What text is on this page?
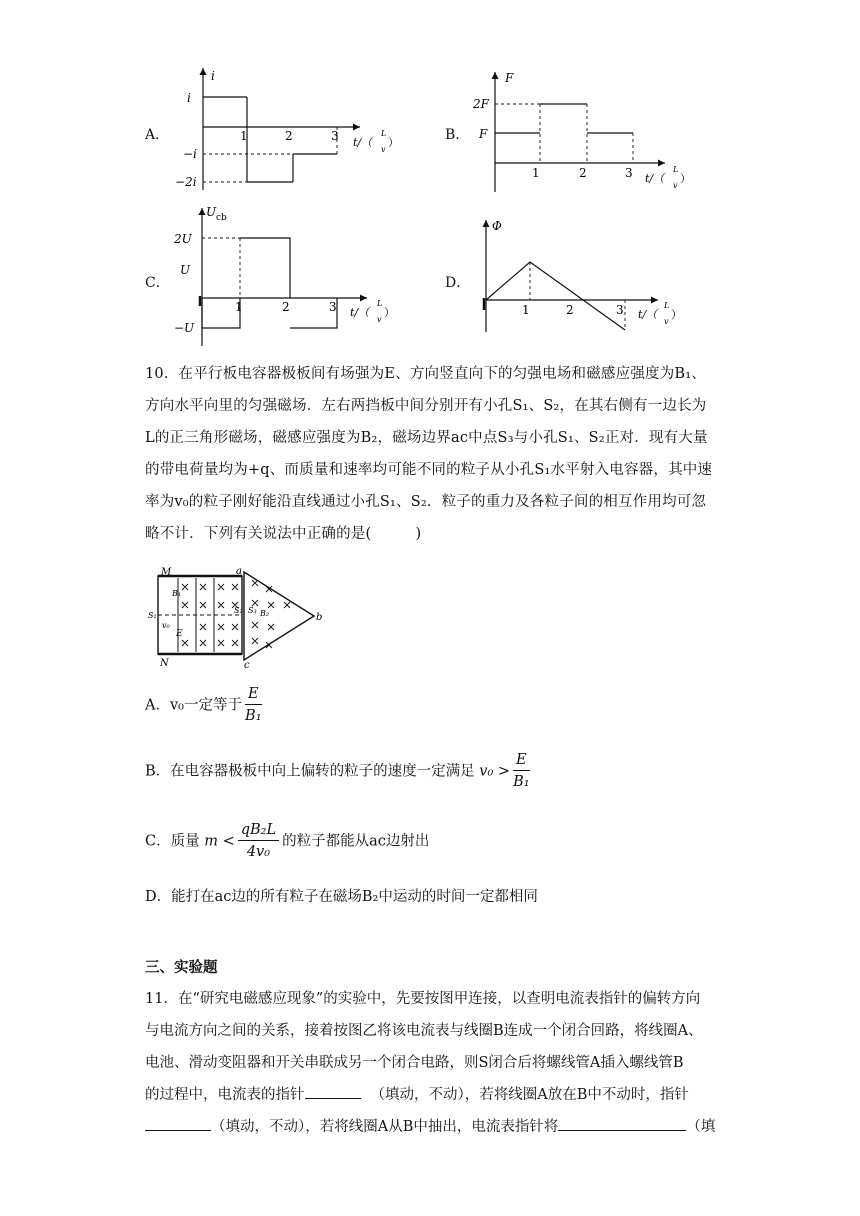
A．
i
i
−i
−2i
1	2	3 t/（
L
v
）	B．
F
2F
F
1	2	3 t/（
L
v
）
C．
U cb
2U
U
−U
1	2	3 t/（
L
v
）
D．
Φ
1	2	3 t/（
L
v
）
10．在平行板电容器极板间有场强为E、方向竖直向下的匀强电场和磁感应强度为B₁、方向水平向里的匀强磁场．左右两挡板中间分别开有小孔S₁、S₂，在其右侧有一边长为L的正三角形磁场，磁感应强度为B₂，磁场边界ac中点S₃与小孔S₁、S₂正对．现有大量的带电荷量均为+q、而质量和速率均可能不同的粒子从小孔S₁水平射入电容器，其中速率为v₀的粒子刚好能沿直线通过小孔S₁、S₂．粒子的重力及各粒子间的相互作用均可忽略不计．下列有关说法中正确的是(　　　)
M
N
a
b
c
S₁
S₂ S₃
B₁
B₂
E
v₀
A．v₀一定等于 $\frac{E}{\text{B₁}}$
B．在电容器极板中向上偏转的粒子的速度一定满足 $v_0 > \frac{E}{\text{B₁}}$
C．质量 $m < \frac{\text{qB₂L}}{\text{4v₀}}$ 的粒子都能从ac边射出
D．能打在ac边的所有粒子在磁场B₂中运动的时间一定都相同
三、实验题
11．在“研究电磁感应现象”的实验中，先要按图甲连接，以查明电流表指针的偏转方向
与电流方向之间的关系，接着按图乙将该电流表与线圈B连成一个闭合回路，将线圈A、
电池、滑动变阻器和开关串联成另一个闭合电路，则S闭合后将螺线管A插入螺线管B
的过程中，电流表的指针	（填动，不动），若将线圈A放在B中不动时，指针
（填动，不动），若将线圈A从B中抽出，电流表指针将	（填
